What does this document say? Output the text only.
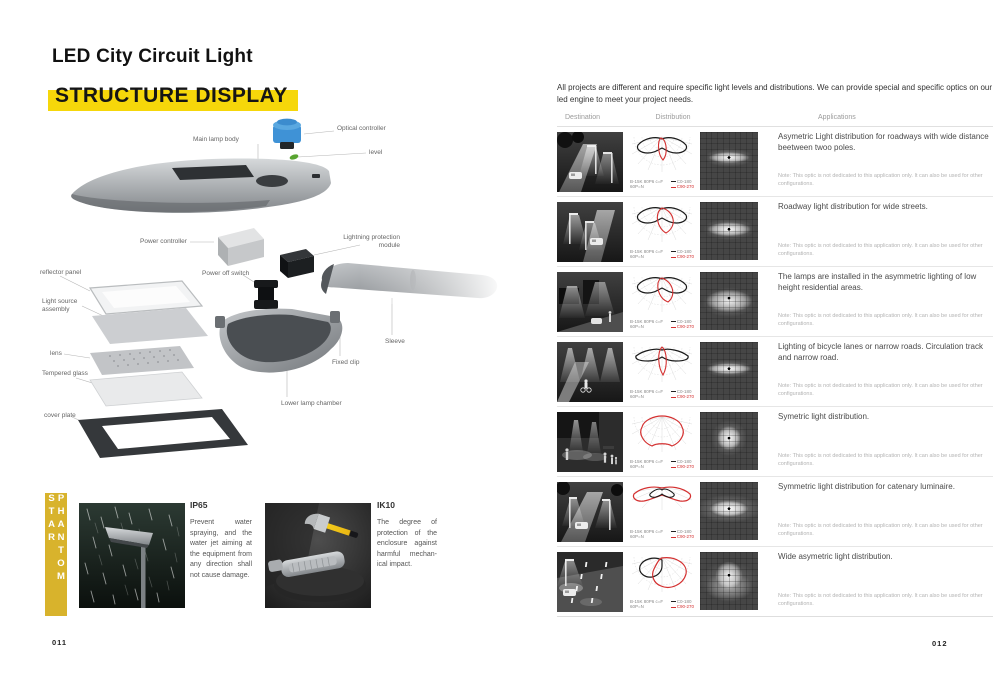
LED City Circuit Light
STRUCTURE DISPLAY
Optical controller
Main lamp body
level
Power controller
Lightning protection module
Power off switch
reflector panel
Light source assembly
lens
Tempered glass
cover plate
Sleeve
Fixed clip
Lower lamp chamber
PHANTOM STAR	IP65
Prevent water spraying, and the water jet aiming at the equipment from any direction shall not cause damage.
IK10
The degree of protection of the enclosure against harmful mechan- ical impact.
011	012
All projects are different and require specific light levels and distributions. We can provide special and specific optics on our led engine to meet your project needs.
Destination	Distribution	Applications
B-15K 80P6 c=F
60P=N
C0-180
C90-270
Asymetric Light distribution for roadways with wide distance beetween twoo poles.
Note: This optic is not dedicated to this application only. It can also be used for other configurations.
B-15K 80P6 c=F
60P=N
C0-180
C90-270
Roadway light distribution for wide streets.
Note: This optic is not dedicated to this application only. It can also be used for other configurations.
B-15K 80P6 c=F
60P=N
C0-180
C90-270
The lamps are installed in the asymmetric lighting of low height residential areas.
Note: This optic is not dedicated to this application only. It can also be used for other configurations.
B-15K 80P6 c=F
60P=N
C0-180
C90-270
Lighting of bicycle lanes or narrow roads. Circulation track and narrow road.
Note: This optic is not dedicated to this application only. It can also be used for other configurations.
B-15K 80P6 c=F
60P=N
C0-180
C90-270
Symetric light distribution.
Note: This optic is not dedicated to this application only. It can also be used for other configurations.
B-15K 80P6 c=F
60P=N
C0-180
C90-270
Symmetric light distribution for catenary luminaire.
Note: This optic is not dedicated to this application only. It can also be used for other configurations.
B-15K 80P6 c=F
60P=N
C0-180
C90-270
Wide asymetric light distribution.
Note: This optic is not dedicated to this application only. It can also be used for other configurations.
